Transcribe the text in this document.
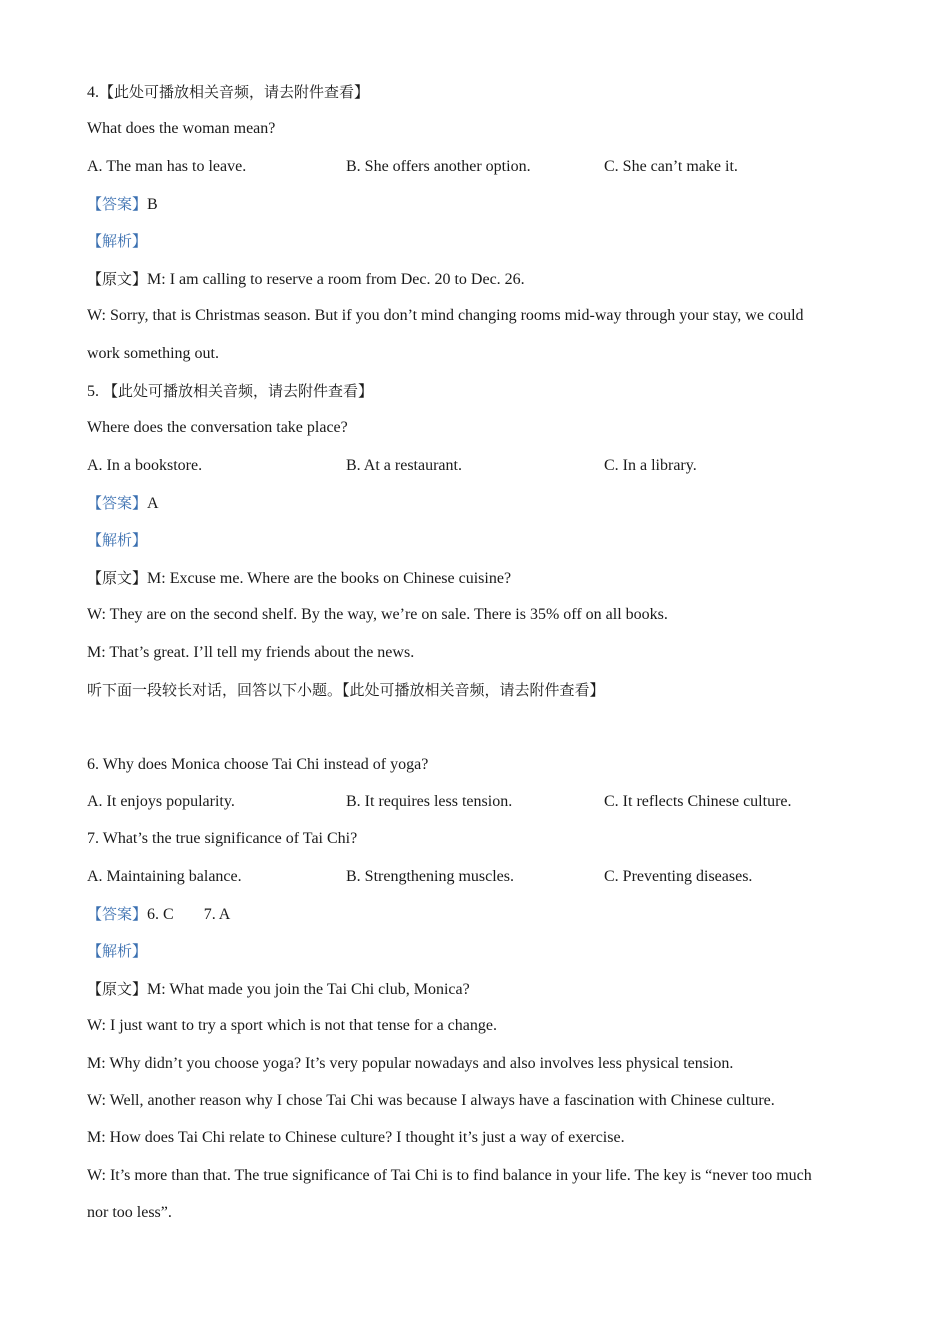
4.【此处可播放相关音频，请去附件查看】
What does the woman mean?
A. The man has to leave.	B. She offers another option.	C. She can’t make it.
【答案】B
【解析】
【原文】M: I am calling to reserve a room from Dec. 20 to Dec. 26.
W: Sorry, that is Christmas season. But if you don’t mind changing rooms mid-way through your stay, we could
work something out.
5. 【此处可播放相关音频，请去附件查看】
Where does the conversation take place?
A. In a bookstore.	B. At a restaurant.	C. In a library.
【答案】A
【解析】
【原文】M: Excuse me. Where are the books on Chinese cuisine?
W: They are on the second shelf. By the way, we’re on sale. There is 35% off on all books.
M: That’s great. I’ll tell my friends about the news.
听下面一段较长对话，回答以下小题。【此处可播放相关音频，请去附件查看】
6. Why does Monica choose Tai Chi instead of yoga?
A. It enjoys popularity.	B. It requires less tension.	C. It reflects Chinese culture.
7. What’s the true significance of Tai Chi?
A. Maintaining balance.	B. Strengthening muscles.	C. Preventing diseases.
【答案】6. C 7. A
【解析】
【原文】M: What made you join the Tai Chi club, Monica?
W: I just want to try a sport which is not that tense for a change.
M: Why didn’t you choose yoga? It’s very popular nowadays and also involves less physical tension.
W: Well, another reason why I chose Tai Chi was because I always have a fascination with Chinese culture.
M: How does Tai Chi relate to Chinese culture? I thought it’s just a way of exercise.
W: It’s more than that. The true significance of Tai Chi is to find balance in your life. The key is “never too much
nor too less”.
